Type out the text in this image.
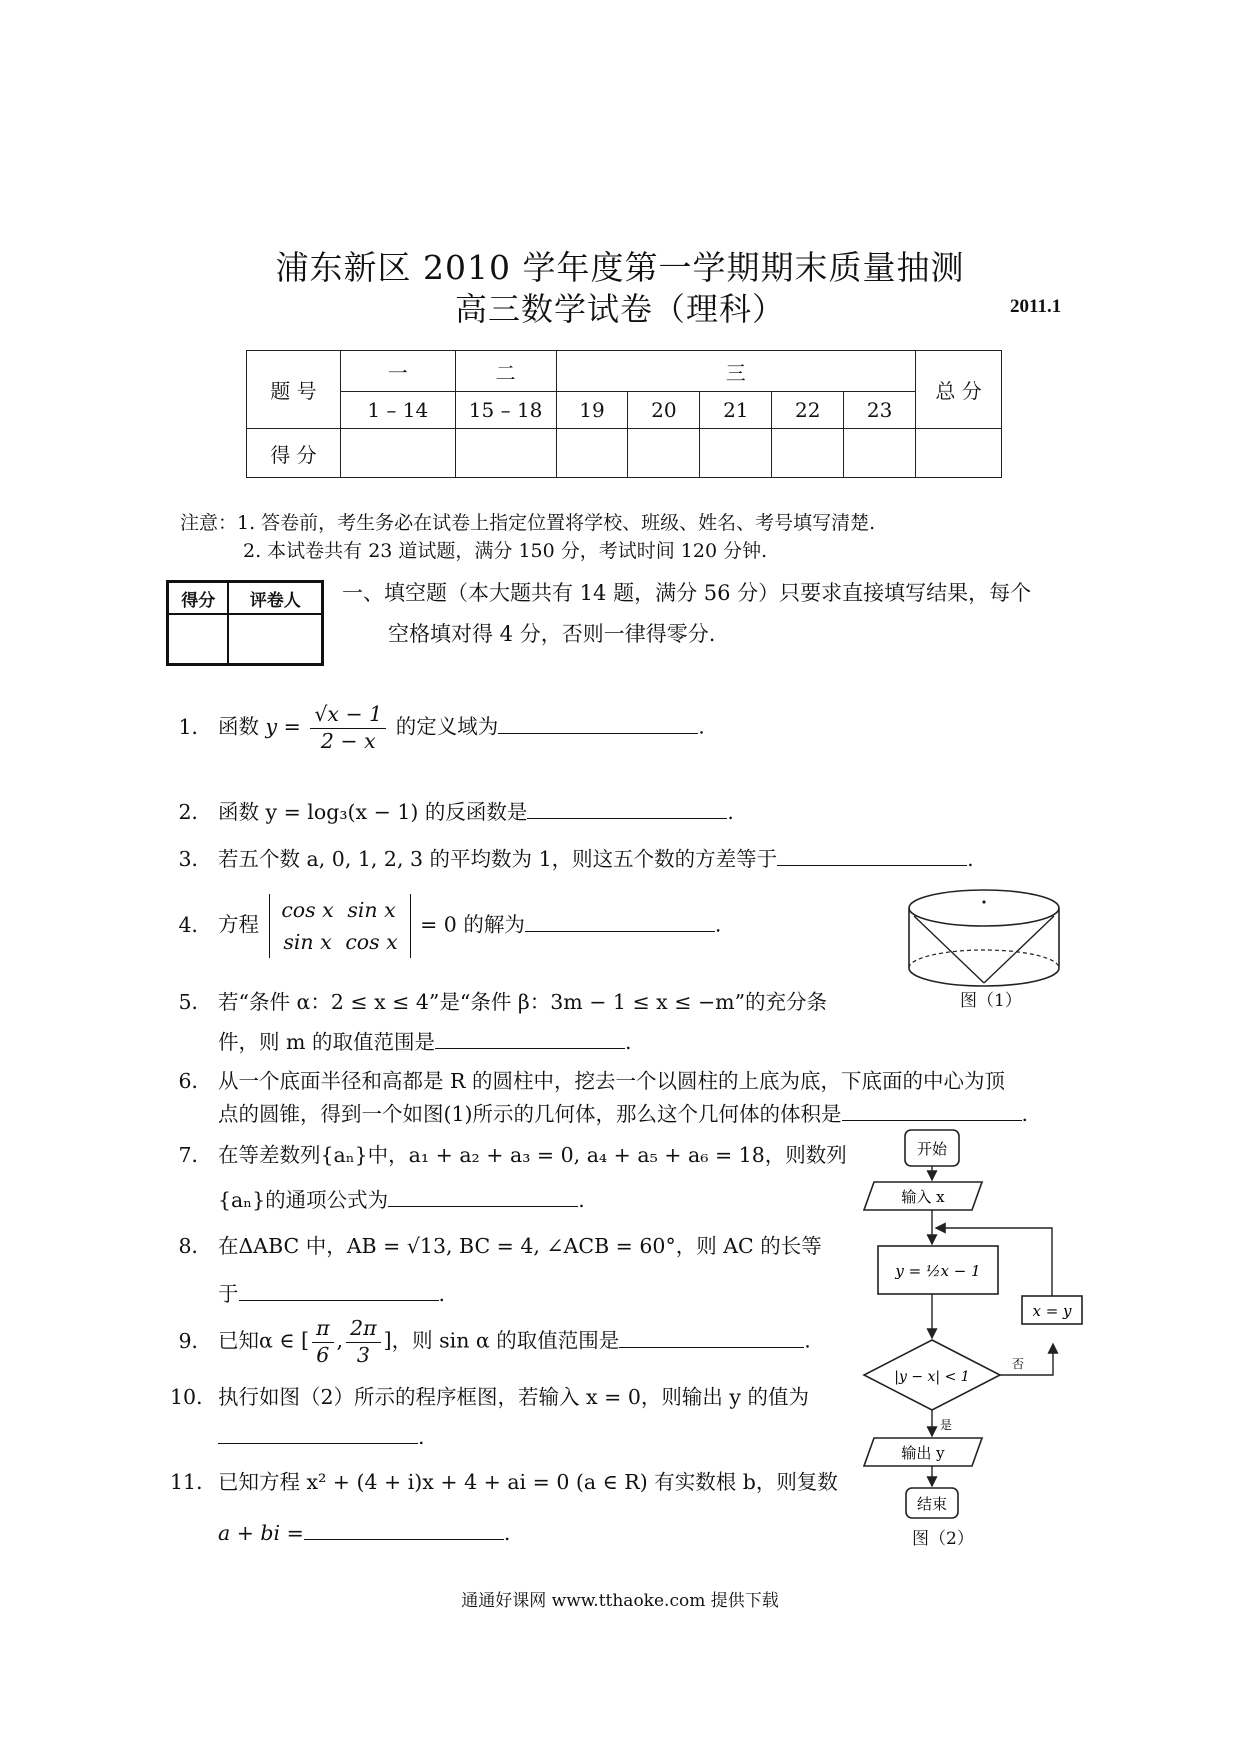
浦东新区 2010 学年度第一学期期末质量抽测
高三数学试卷（理科）	2011.1
题 号	一	二	三					总 分
	1 – 14	15 – 18	19	20	21	22	23	
得 分								
注意：1. 答卷前，考生务必在试卷上指定位置将学校、班级、姓名、考号填写清楚.
2. 本试卷共有 23 道试题，满分 150 分，考试时间 120 分钟.
得分	评卷人
	一、填空题（本大题共有 14 题，满分 56 分）只要求直接填写结果，每个
空格填对得 4 分，否则一律得零分.
1． 函数 $y = \frac{√x - 1}{2 - x}$ 的定义域为	.
2． 函数 y = log₃(x − 1) 的反函数是	.
3． 若五个数 a, 0, 1, 2, 3 的平均数为 1，则这五个数的方差等于	.
4． 方程
cos x sin x
sin x cos x
= 0 的解为	.
5． 若“条件 α：2 ≤ x ≤ 4”是“条件 β：3m − 1 ≤ x ≤ −m”的充分条
件，则 m 的取值范围是	.
6． 从一个底面半径和高都是 R 的圆柱中，挖去一个以圆柱的上底为底，下底面的中心为顶
点的圆锥，得到一个如图(1)所示的几何体，那么这个几何体的体积是	.
7． 在等差数列{aₙ}中，a₁ + a₂ + a₃ = 0, a₄ + a₅ + a₆ = 18，则数列
{aₙ}的通项公式为	.
8． 在ΔABC 中，AB = √13, BC = 4, ∠ACB = 60°，则 AC 的长等
于	.
9． 已知α ∈ [ $\frac{\pi}{6}$ , $\frac{2\pi}{3}$ ]，则 sin α 的取值范围是	.
10．执行如图（2）所示的程序框图，若输入 x = 0，则输出 y 的值为
.
11．已知方程 x² + (4 + i)x + 4 + ai = 0 (a ∈ R) 有实数根 b，则复数
a + bi =	.
图（1）
开始
输入 x
y = ½x − 1
|y − x| < 1
否
x = y
是
输出 y
结束
图（2）
通通好课网 www.tthaoke.com 提供下载
